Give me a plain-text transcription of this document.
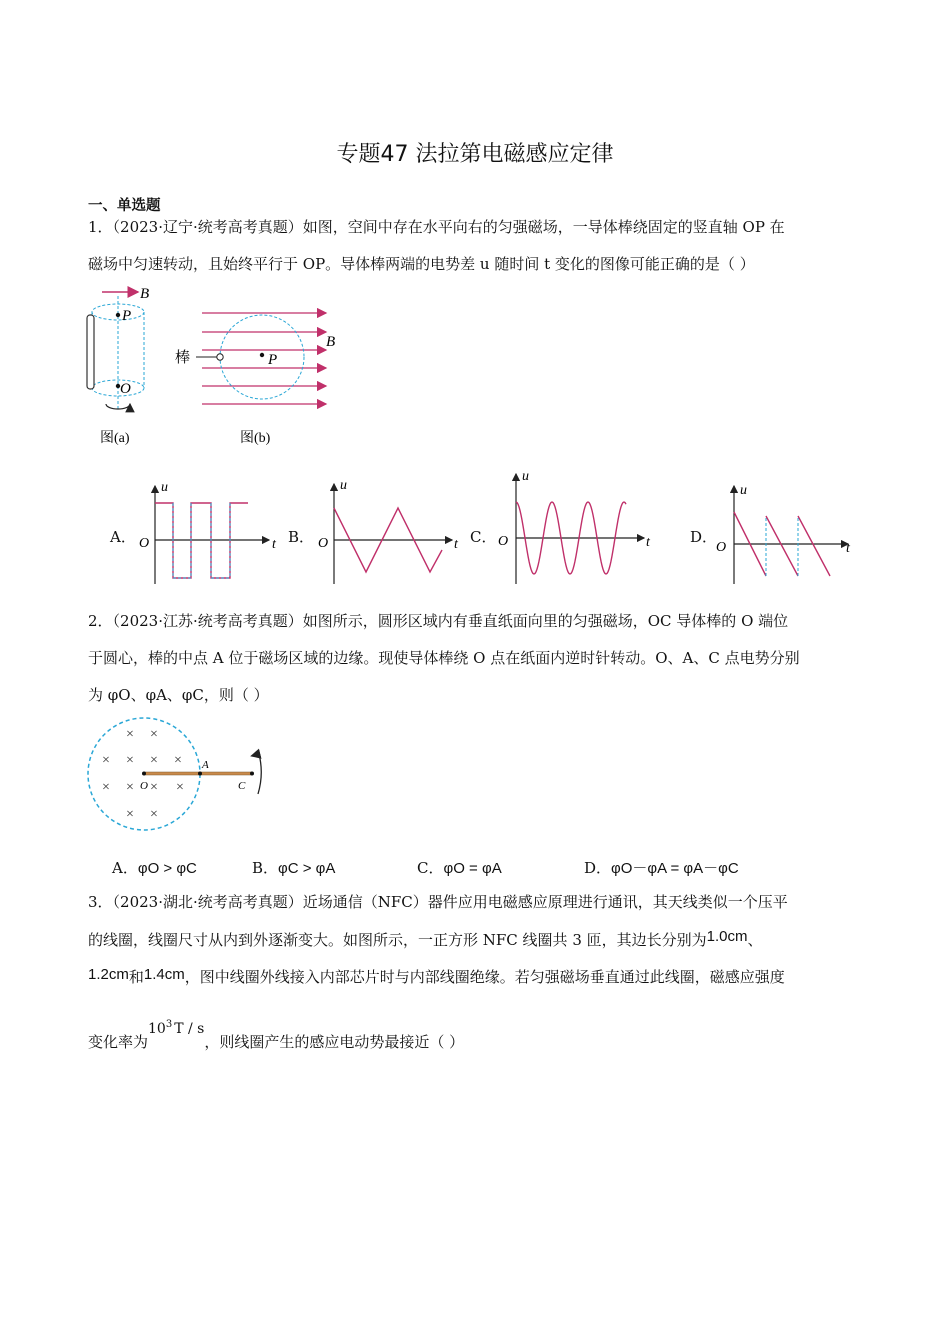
专题47 法拉第电磁感应定律
一、单选题
1．（2023·辽宁·统考高考真题）如图，空间中存在水平向右的匀强磁场，一导体棒绕固定的竖直轴 OP 在
磁场中匀速转动，且始终平行于 OP。导体棒两端的电势差 u 随时间 t 变化的图像可能正确的是（ ）
B
P
O
图(a)
B
棒	P
图(b)
A．
u
t
O	B．
u
t
O	C．
u
t
O	D．
u
t
O
2．（2023·江苏·统考高考真题）如图所示，圆形区域内有垂直纸面向里的匀强磁场，OC 导体棒的 O 端位
于圆心，棒的中点 A 位于磁场区域的边缘。现使导体棒绕 O 点在纸面内逆时针转动。O、A、C 点电势分别
为 φO、φA、φC，则（ ）
× ×
× × × ×
× × × ×
× ×
O
A
C
A．φO > φC	B．φC > φA	C．φO = φA	D．φO－φA = φA－φC
3．（2023·湖北·统考高考真题）近场通信（NFC）器件应用电磁感应原理进行通讯，其天线类似一个压平
的线圈，线圈尺寸从内到外逐渐变大。如图所示，一正方形 NFC 线圈共 3 匝，其边长分别为1.0cm、
1.2cm和1.4cm，图中线圈外线接入内部芯片时与内部线圈绝缘。若匀强磁场垂直通过此线圈，磁感应强度
变化率为$10^3$ T / s，则线圈产生的感应电动势最接近（ ）
